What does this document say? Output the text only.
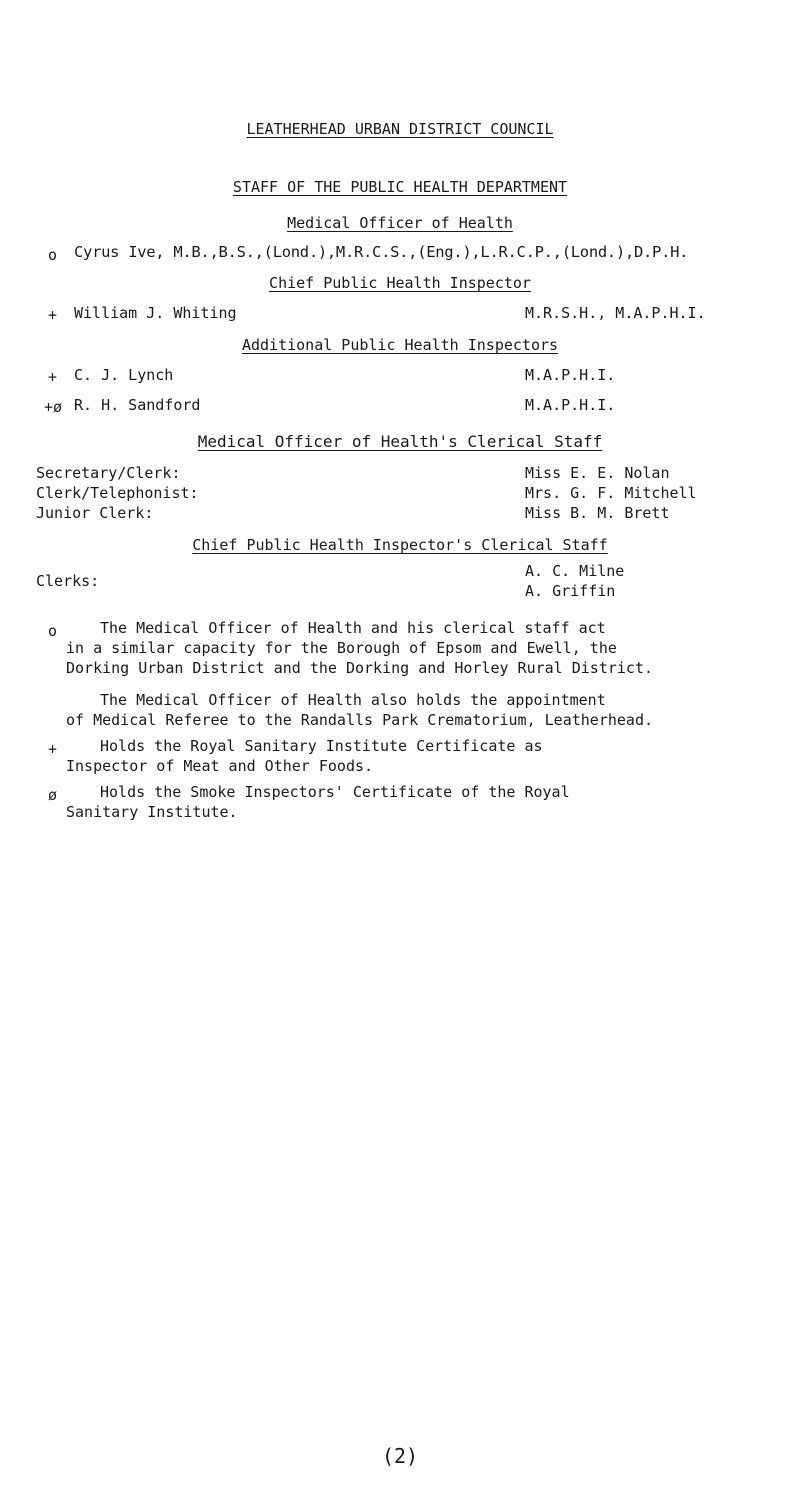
LEATHERHEAD URBAN DISTRICT COUNCIL
STAFF OF THE PUBLIC HEALTH DEPARTMENT
Medical Officer of Health
o Cyrus Ive, M.B.,B.S.,(Lond.),M.R.C.S.,(Eng.),L.R.C.P.,(Lond.),D.P.H.
Chief Public Health Inspector
+ William J. Whiting	M.R.S.H., M.A.P.H.I.
Additional Public Health Inspectors
+ C. J. Lynch	M.A.P.H.I.
+ø R. H. Sandford	M.A.P.H.I.
Medical Officer of Health's Clerical Staff
Secretary/Clerk:	Miss E. E. Nolan
Clerk/Telephonist:	Mrs. G. F. Mitchell
Junior Clerk:	Miss B. M. Brett
Chief Public Health Inspector's Clerical Staff
Clerks:
A. C. Milne
A. Griffin
o	The Medical Officer of Health and his clerical staff act

in a similar capacity for the Borough of Epsom and Ewell, the

Dorking Urban District and the Dorking and Horley Rural District.

The Medical Officer of Health also holds the appointment

of Medical Referee to the Randalls Park Crematorium, Leatherhead.

+	Holds the Royal Sanitary Institute Certificate as

Inspector of Meat and Other Foods.

ø	Holds the Smoke Inspectors' Certificate of the Royal

Sanitary Institute.

(2)
